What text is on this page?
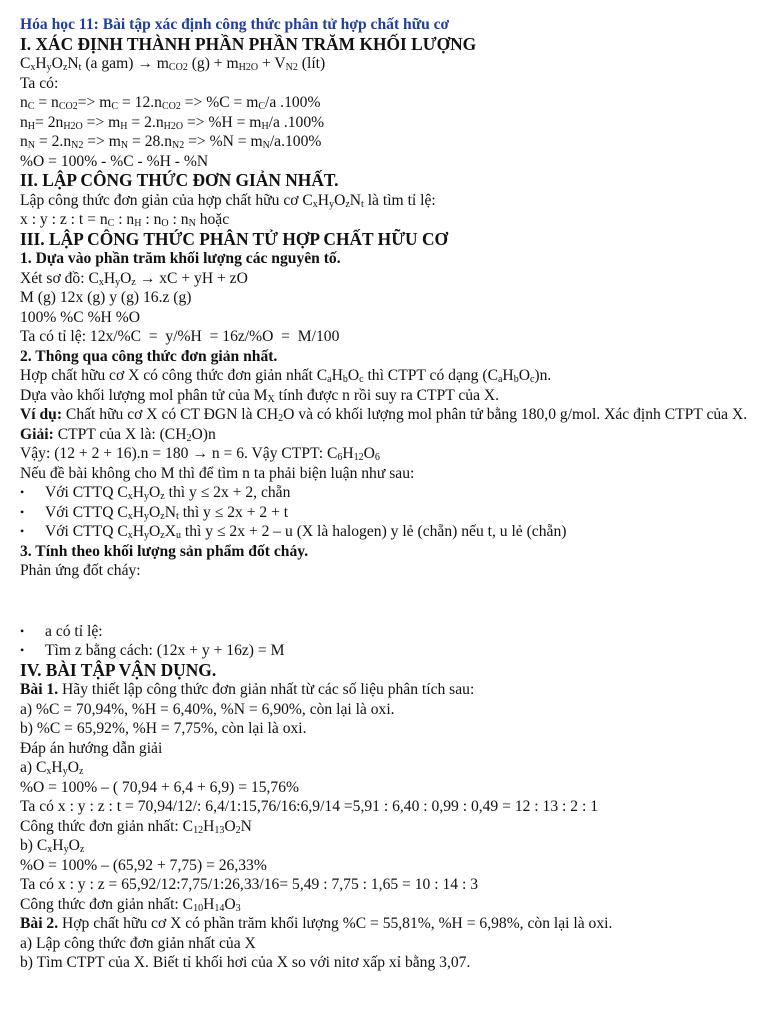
Hóa học 11: Bài tập xác định công thức phân tử hợp chất hữu cơ
I. XÁC ĐỊNH THÀNH PHẦN PHẦN TRĂM KHỐI LƯỢNG
$C_xH_yO_zN_t$ (a $gam) \to m_{CO2}$ $(g) + m_{H2O} + V_{N2}$ (lít)
Ta có:
$n_C = n_{CO2}=> m_C = 12.n_{CO2} => \%C = m_C/a$ .100%
$n_H= 2n_{H2O} => m_H = 2.n_{H2O} => \%H = m_H/a$ .100%
$n_N = 2.n_{N2} => m_N = 28.n_{N2} => \%N = m_N/a.100\%$
%O = 100% - %C - %H - %N
II. LẬP CÔNG THỨC ĐƠN GIẢN NHẤT.
Lập công thức đơn giản của hợp chất hữu cơ $C_xH_yO_zN_t$ là tìm tỉ lệ:
x : y : z : $t = n_C$ : $n_H$ : $n_O$ : $n_N$ hoặc
III. LẬP CÔNG THỨC PHÂN TỬ HỢP CHẤT HỮU CƠ
1. Dựa vào phần trăm khối lượng các nguyên tố.
Xét sơ đồ: $C_xH_yO_z$ → xC + yH + zO
M (g) 12x (g) y (g) 16.z (g)
100% %C %H %O
Ta có tỉ lệ: 12x/%C  =  y/%H  = 16z/%O  =  M/100
2. Thông qua công thức đơn giản nhất.
Hợp chất hữu cơ X có công thức đơn giản nhất $C_aH_bO_c$ thì CTPT có dạng $(C_aH_bO_c)n$.
Dựa vào khối lượng mol phân tử của $M_X$ tính được n rồi suy ra CTPT của X.
Ví dụ: Chất hữu cơ X có CT ĐGN là $CH_2O$ và có khối lượng mol phân tử bằng 180,0 g/mol. Xác định CTPT của X.
Giải: CTPT của X là: $(CH_2O)n$
Vậy: (12 + 2 + 16).n = 180 → n = 6. Vậy CTPT: $C_6H_{12}O_6$
Nếu đề bài không cho M thì để tìm n ta phải biện luận như sau:
•	Với CTTQ $C_xH_yO_z$ thì y ≤ 2x + 2, chẵn
•	Với CTTQ $C_xH_yO_zN_t$ thì y ≤ 2x + 2 + t
•	Với CTTQ $C_xH_yO_zX_u$ thì y ≤ 2x + 2 – u (X là halogen) y lẻ (chẵn) nếu t, u lẻ (chẵn)
3. Tính theo khối lượng sản phẩm đốt cháy.
Phản ứng đốt cháy:
•	a có tỉ lệ:
•	Tìm z bằng cách: (12x + y + 16z) = M
IV. BÀI TẬP VẬN DỤNG.
Bài 1. Hãy thiết lập công thức đơn giản nhất từ các số liệu phân tích sau:
a) %C = 70,94%, %H = 6,40%, %N = 6,90%, còn lại là oxi.
b) %C = 65,92%, %H = 7,75%, còn lại là oxi.
Đáp án hướng dẫn giải
a) $C_xH_yO_z$
%O = 100% – ( 70,94 + 6,4 + 6,9) = 15,76%
Ta có x : y : z : t = 70,94/12/: 6,4/1:15,76/16:6,9/14 =5,91 : 6,40 : 0,99 : 0,49 = 12 : 13 : 2 : 1
Công thức đơn giản nhất: $C_{12}H_{13}O_2N$
b) $C_xH_yO_z$
%O = 100% – (65,92 + 7,75) = 26,33%
Ta có x : y : z = 65,92/12:7,75/1:26,33/16= 5,49 : 7,75 : 1,65 = 10 : 14 : 3
Công thức đơn giản nhất: $C_{10}H_{14}O_3$
Bài 2. Hợp chất hữu cơ X có phần trăm khối lượng %C = 55,81%, %H = 6,98%, còn lại là oxi.
a) Lập công thức đơn giản nhất của X
b) Tìm CTPT của X. Biết tỉ khối hơi của X so với nitơ xấp xỉ bằng 3,07.
